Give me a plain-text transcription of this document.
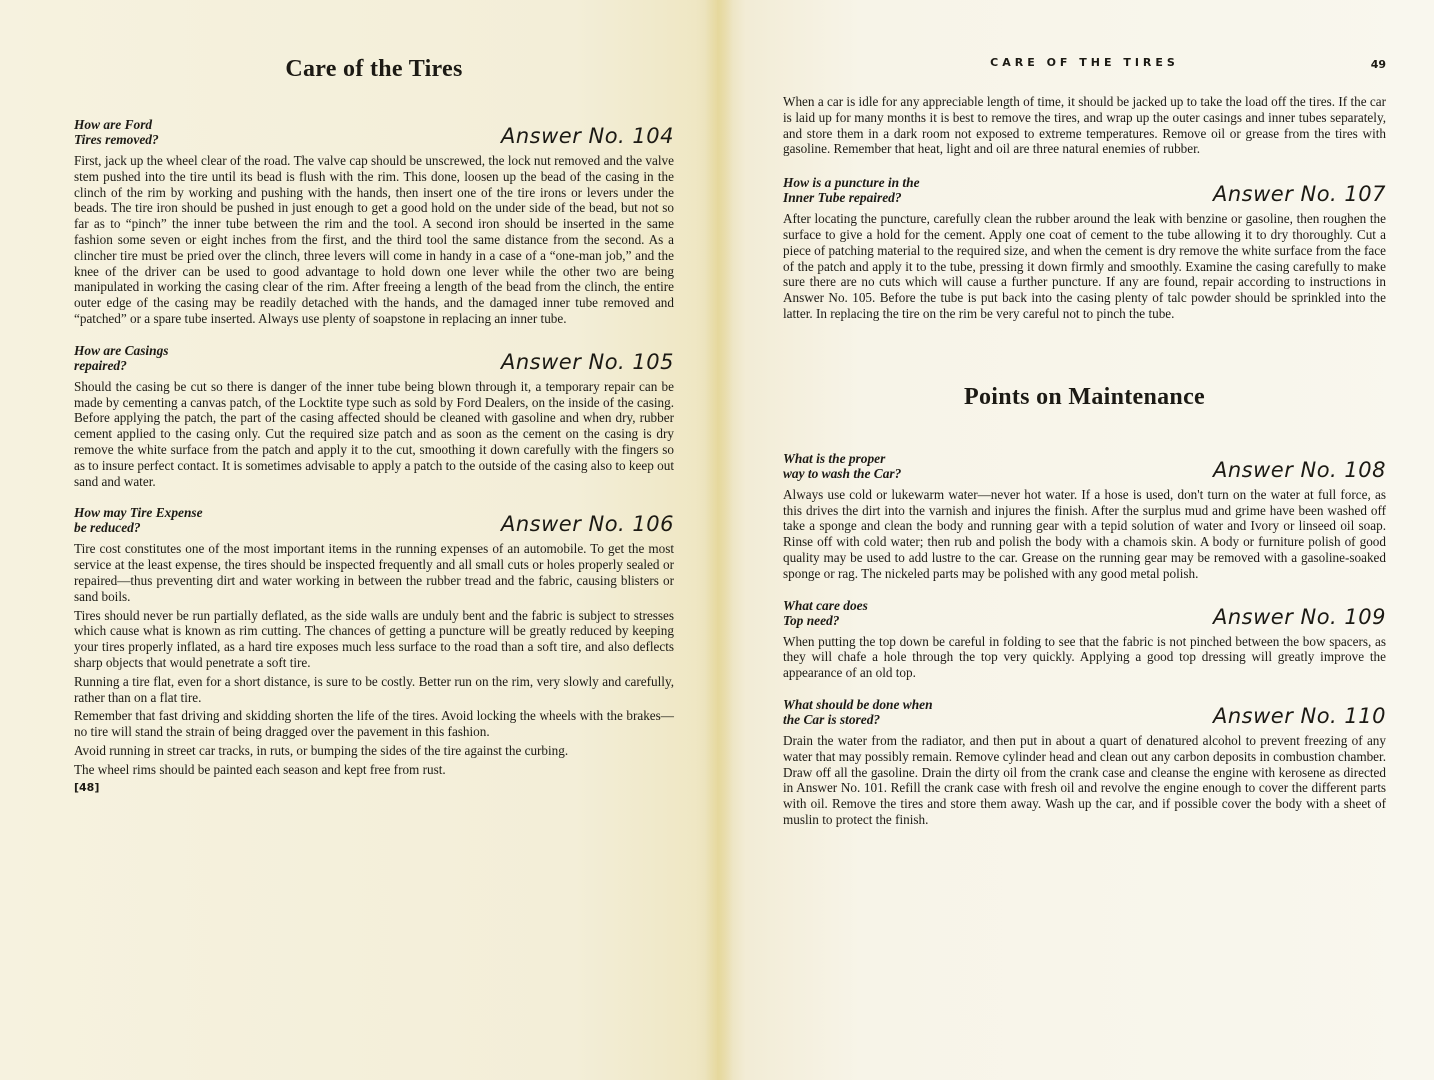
Care of the Tires
How are Ford
Tires removed?	Answer No. 104

First, jack up the wheel clear of the road. The valve cap should be unscrewed, the lock nut removed and the valve stem pushed into the tire until its bead is flush with the rim. This done, loosen up the bead of the casing in the clinch of the rim by working and pushing with the hands, then insert one of the tire irons or levers under the beads. The tire iron should be pushed in just enough to get a good hold on the under side of the bead, but not so far as to “pinch” the inner tube between the rim and the tool. A second iron should be inserted in the same fashion some seven or eight inches from the first, and the third tool the same distance from the second. As a clincher tire must be pried over the clinch, three levers will come in handy in a case of a “one-man job,” and the knee of the driver can be used to good advantage to hold down one lever while the other two are being manipulated in working the casing clear of the rim. After freeing a length of the bead from the clinch, the entire outer edge of the casing may be readily detached with the hands, and the damaged inner tube removed and “patched” or a spare tube inserted. Always use plenty of soapstone in replacing an inner tube.

How are Casings
repaired?	Answer No. 105

Should the casing be cut so there is danger of the inner tube being blown through it, a temporary repair can be made by cementing a canvas patch, of the Locktite type such as sold by Ford Dealers, on the inside of the casing. Before applying the patch, the part of the casing affected should be cleaned with gasoline and when dry, rubber cement applied to the casing only. Cut the required size patch and as soon as the cement on the casing is dry remove the white surface from the patch and apply it to the cut, smoothing it down carefully with the fingers so as to insure perfect contact. It is sometimes advisable to apply a patch to the outside of the casing also to keep out sand and water.

How may Tire Expense
be reduced?	Answer No. 106

Tire cost constitutes one of the most important items in the running expenses of an automobile. To get the most service at the least expense, the tires should be inspected frequently and all small cuts or holes properly sealed or repaired—thus preventing dirt and water working in between the rubber tread and the fabric, causing blisters or sand boils.

Tires should never be run partially deflated, as the side walls are unduly bent and the fabric is subject to stresses which cause what is known as rim cutting. The chances of getting a puncture will be greatly reduced by keeping your tires properly inflated, as a hard tire exposes much less surface to the road than a soft tire, and also deflects sharp objects that would penetrate a soft tire.

Running a tire flat, even for a short distance, is sure to be costly. Better run on the rim, very slowly and carefully, rather than on a flat tire.

Remember that fast driving and skidding shorten the life of the tires. Avoid locking the wheels with the brakes—no tire will stand the strain of being dragged over the pavement in this fashion.

Avoid running in street car tracks, in ruts, or bumping the sides of the tire against the curbing.

The wheel rims should be painted each season and kept free from rust.

[48]
CARE OF THE TIRES	49

When a car is idle for any appreciable length of time, it should be jacked up to take the load off the tires. If the car is laid up for many months it is best to remove the tires, and wrap up the outer casings and inner tubes separately, and store them in a dark room not exposed to extreme temperatures. Remove oil or grease from the tires with gasoline. Remember that heat, light and oil are three natural enemies of rubber.

How is a puncture in the
Inner Tube repaired?	Answer No. 107

After locating the puncture, carefully clean the rubber around the leak with benzine or gasoline, then roughen the surface to give a hold for the cement. Apply one coat of cement to the tube allowing it to dry thoroughly. Cut a piece of patching material to the required size, and when the cement is dry remove the white surface from the face of the patch and apply it to the tube, pressing it down firmly and smoothly. Examine the casing carefully to make sure there are no cuts which will cause a further puncture. If any are found, repair according to instructions in Answer No. 105. Before the tube is put back into the casing plenty of talc powder should be sprinkled into the latter. In replacing the tire on the rim be very careful not to pinch the tube.

Points on Maintenance
What is the proper
way to wash the Car?	Answer No. 108

Always use cold or lukewarm water—never hot water. If a hose is used, don't turn on the water at full force, as this drives the dirt into the varnish and injures the finish. After the surplus mud and grime have been washed off take a sponge and clean the body and running gear with a tepid solution of water and Ivory or linseed oil soap. Rinse off with cold water; then rub and polish the body with a chamois skin. A body or furniture polish of good quality may be used to add lustre to the car. Grease on the running gear may be removed with a gasoline-soaked sponge or rag. The nickeled parts may be polished with any good metal polish.

What care does
Top need?	Answer No. 109

When putting the top down be careful in folding to see that the fabric is not pinched between the bow spacers, as they will chafe a hole through the top very quickly. Applying a good top dressing will greatly improve the appearance of an old top.

What should be done when
the Car is stored?	Answer No. 110

Drain the water from the radiator, and then put in about a quart of denatured alcohol to prevent freezing of any water that may possibly remain. Remove cylinder head and clean out any carbon deposits in combustion chamber. Draw off all the gasoline. Drain the dirty oil from the crank case and cleanse the engine with kerosene as directed in Answer No. 101. Refill the crank case with fresh oil and revolve the engine enough to cover the different parts with oil. Remove the tires and store them away. Wash up the car, and if possible cover the body with a sheet of muslin to protect the finish.
